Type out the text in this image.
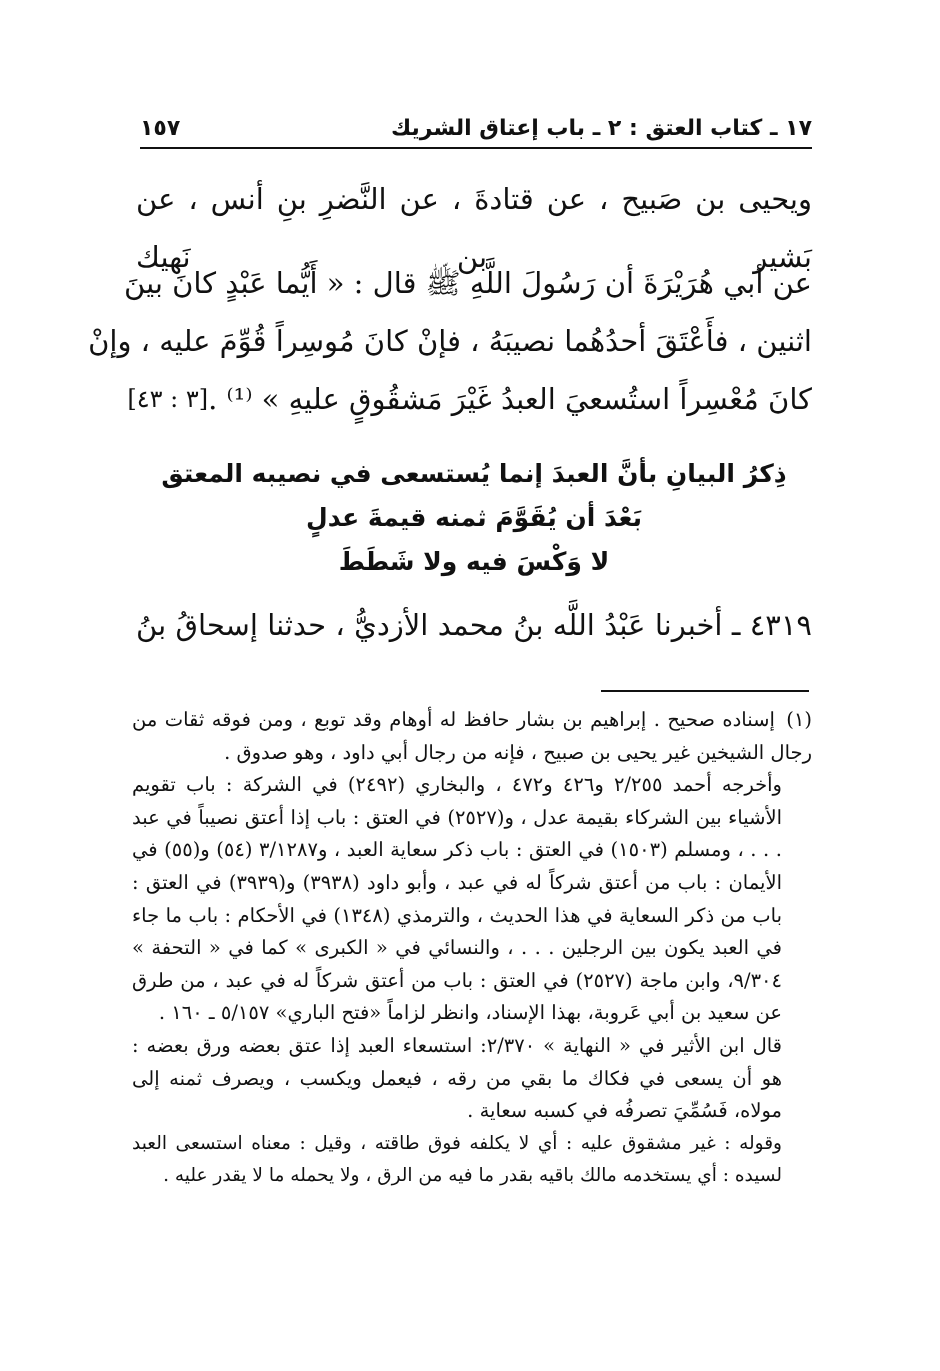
١٧ ـ كتاب العتق : ٢ ـ باب إعتاق الشريك
١٥٧
ويحيى بن صَبيح ، عن قتادةَ ، عن النَّضرِ بنِ أنس ، عن بَشير بن نَهيك
عن أبي هُرَيْرَةَ أن رَسُولَ اللَّهِ ﷺ قال : « أَيُّما عَبْدٍ كانَ بينَ
اثنين ، فأَعْتَقَ أحدُهُما نصيبَهُ ، فإنْ كانَ مُوسِراً قُوِّمَ عليه ، وإنْ
كانَ مُعْسِراً استُسعيَ العبدُ غَيْرَ مَشقُوقٍ عليهِ » ⁽¹⁾ .
[٣ : ٤٣]
ذِكرُ البيانِ بأنَّ العبدَ إنما يُستسعى في نصيبه المعتق
بَعْدَ أن يُقَوَّمَ ثمنه قيمةَ عدلٍ
لا وَكْسَ فيه ولا شَطَطَ
٤٣١٩ ـ أخبرنا عَبْدُ اللَّه بنُ محمد الأزديُّ ، حدثنا إسحاقُ بنُ
(١) إسناده صحيح . إبراهيم بن بشار حافظ له أوهام وقد توبع ، ومن فوقه ثقات من رجال الشيخين غير يحيى بن صبيح ، فإنه من رجال أبي داود ، وهو صدوق .
وأخرجه أحمد ٢/٢٥٥ و٤٢٦ و٤٧٢ ، والبخاري (٢٤٩٢) في الشركة : باب تقويم الأشياء بين الشركاء بقيمة عدل ، و(٢٥٢٧) في العتق : باب إذا أعتق نصيباً في عبد . . . ، ومسلم (١٥٠٣) في العتق : باب ذكر سعاية العبد ، و٣/١٢٨٧ (٥٤) و(٥٥) في الأيمان : باب من أعتق شركاً له في عبد ، وأبو داود (٣٩٣٨) و(٣٩٣٩) في العتق : باب من ذكر السعاية في هذا الحديث ، والترمذي (١٣٤٨) في الأحكام : باب ما جاء في العبد يكون بين الرجلين . . . ، والنسائي في « الكبرى » كما في « التحفة » ٩/٣٠٤، وابن ماجة (٢٥٢٧) في العتق : باب من أعتق شركاً له في عبد ، من طرق عن سعيد بن أبي عَروبة، بهذا الإسناد، وانظر لزاماً «فتح الباري» ٥/١٥٧ ـ ١٦٠ .
قال ابن الأثير في « النهاية » ٢/٣٧٠: استسعاء العبد إذا عتق بعضه ورق بعضه : هو أن يسعى في فكاك ما بقي من رقه ، فيعمل ويكسب ، ويصرف ثمنه إلى مولاه، فَسُمِّيَ تصرفُه في كسبه سعاية .
وقوله : غير مشقوق عليه : أي لا يكلفه فوق طاقته ، وقيل : معناه استسعى العبد لسيده : أي يستخدمه مالك باقيه بقدر ما فيه من الرق ، ولا يحمله ما لا يقدر عليه .
